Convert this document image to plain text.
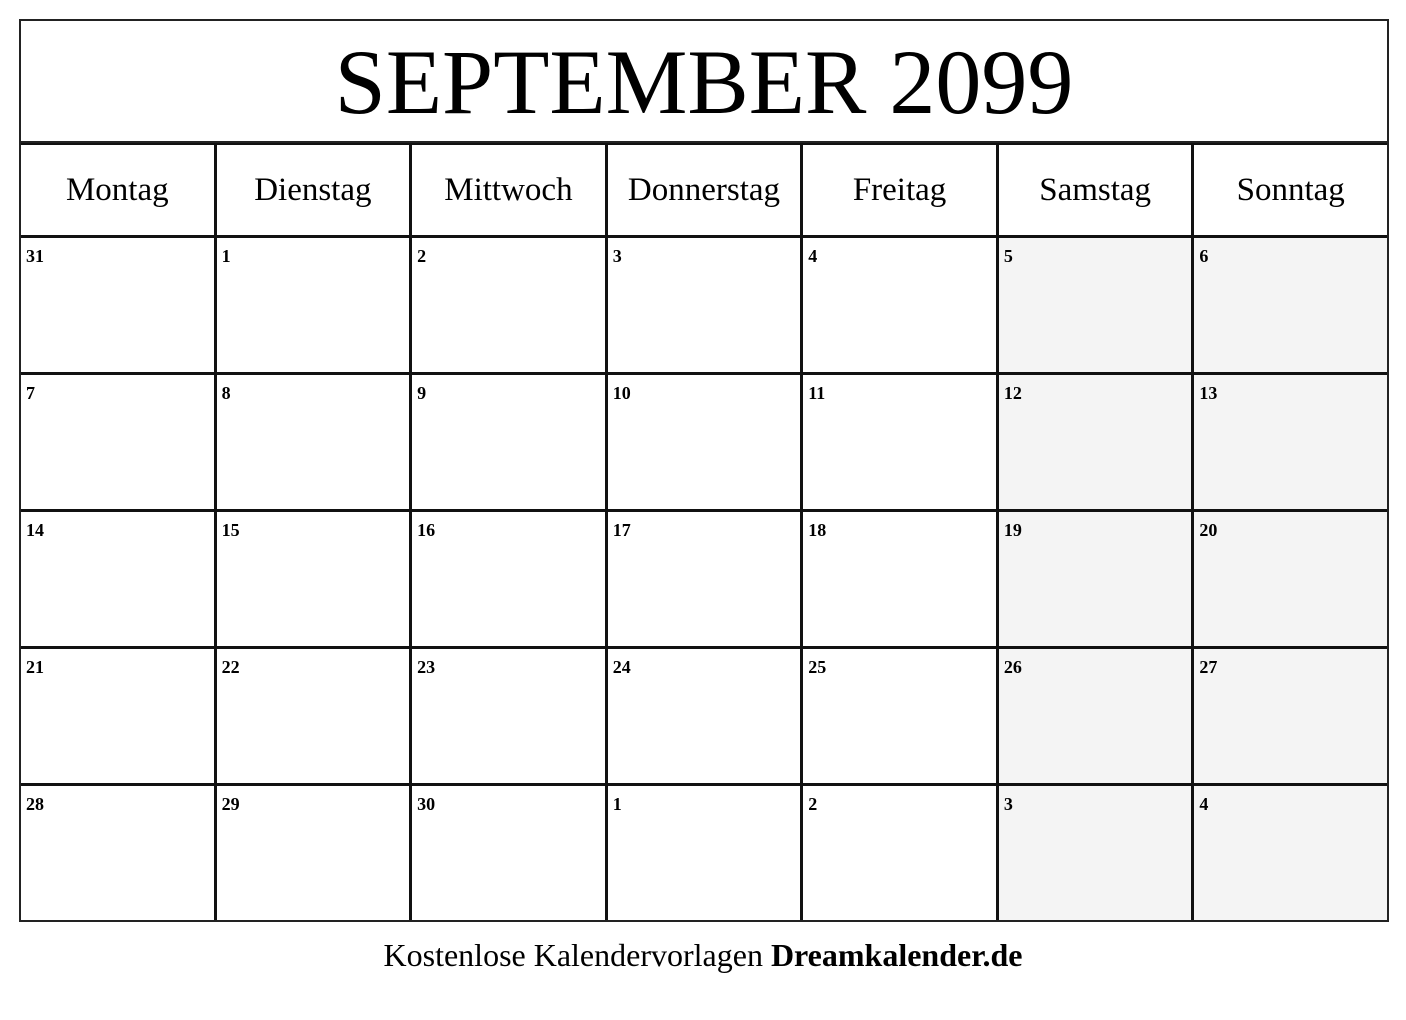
SEPTEMBER 2099
Montag	Dienstag	Mittwoch	Donnerstag	Freitag	Samstag	Sonntag
31	1	2	3	4	5	6
7	8	9	10	11	12	13
14	15	16	17	18	19	20
21	22	23	24	25	26	27
28	29	30	1	2	3	4
Kostenlose Kalendervorlagen Dreamkalender.de
